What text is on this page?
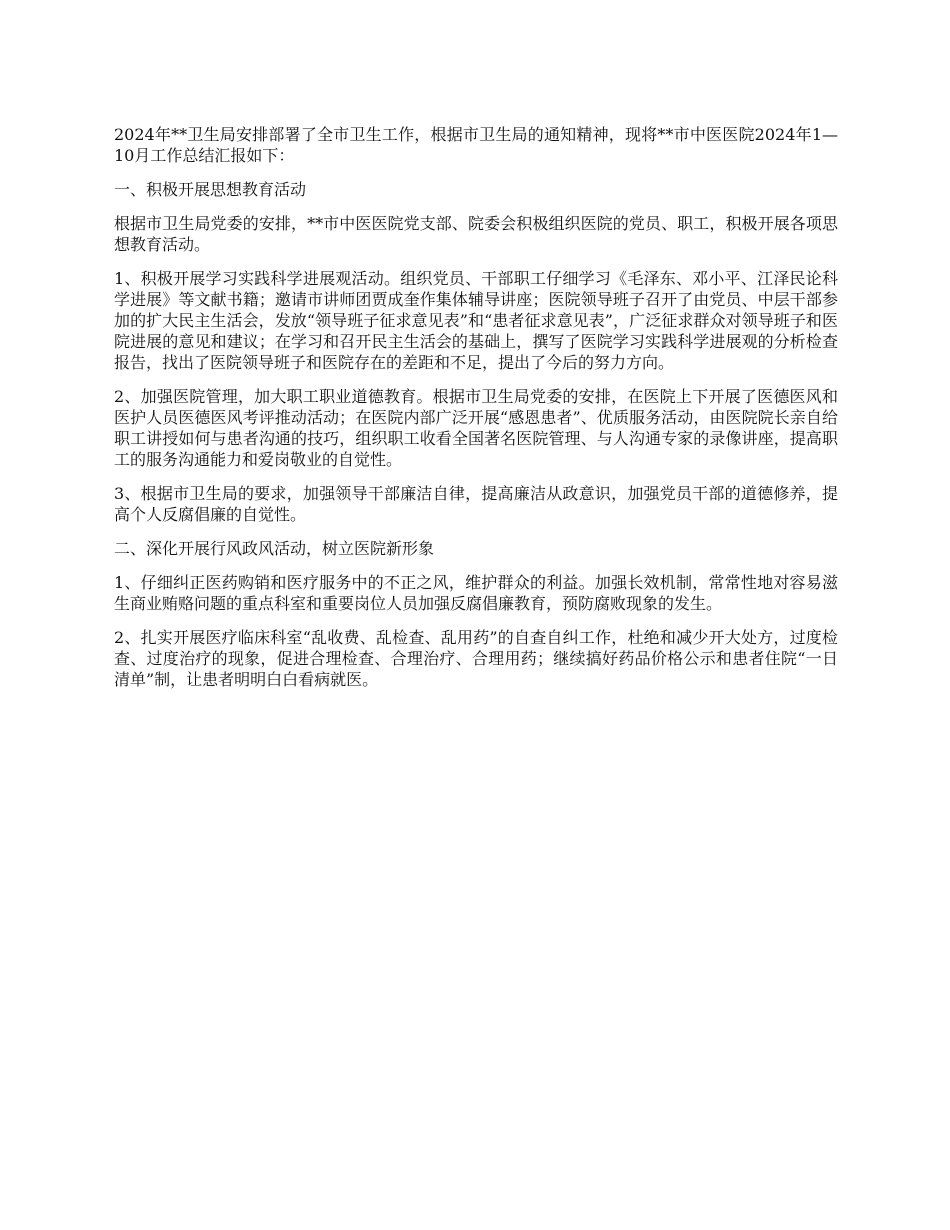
2024年**卫生局安排部署了全市卫生工作，根据市卫生局的通知精神，现将**市中医医院2024年1—10月工作总结汇报如下：

一、积极开展思想教育活动

根据市卫生局党委的安排，**市中医医院党支部、院委会积极组织医院的党员、职工，积极开展各项思想教育活动。

1、积极开展学习实践科学进展观活动。组织党员、干部职工仔细学习《毛泽东、邓小平、江泽民论科学进展》等文献书籍；邀请市讲师团贾成奎作集体辅导讲座；医院领导班子召开了由党员、中层干部参加的扩大民主生活会，发放“领导班子征求意见表”和“患者征求意见表”，广泛征求群众对领导班子和医院进展的意见和建议；在学习和召开民主生活会的基础上，撰写了医院学习实践科学进展观的分析检查报告，找出了医院领导班子和医院存在的差距和不足，提出了今后的努力方向。

2、加强医院管理，加大职工职业道德教育。根据市卫生局党委的安排，在医院上下开展了医德医风和医护人员医德医风考评推动活动；在医院内部广泛开展“感恩患者”、优质服务活动，由医院院长亲自给职工讲授如何与患者沟通的技巧，组织职工收看全国著名医院管理、与人沟通专家的录像讲座，提高职工的服务沟通能力和爱岗敬业的自觉性。

3、根据市卫生局的要求，加强领导干部廉洁自律，提高廉洁从政意识，加强党员干部的道德修养，提高个人反腐倡廉的自觉性。

二、深化开展行风政风活动，树立医院新形象

1、仔细纠正医药购销和医疗服务中的不正之风，维护群众的利益。加强长效机制，常常性地对容易滋生商业贿赂问题的重点科室和重要岗位人员加强反腐倡廉教育，预防腐败现象的发生。

2、扎实开展医疗临床科室“乱收费、乱检查、乱用药”的自查自纠工作，杜绝和减少开大处方，过度检查、过度治疗的现象，促进合理检查、合理治疗、合理用药；继续搞好药品价格公示和患者住院“一日清单”制，让患者明明白白看病就医。
